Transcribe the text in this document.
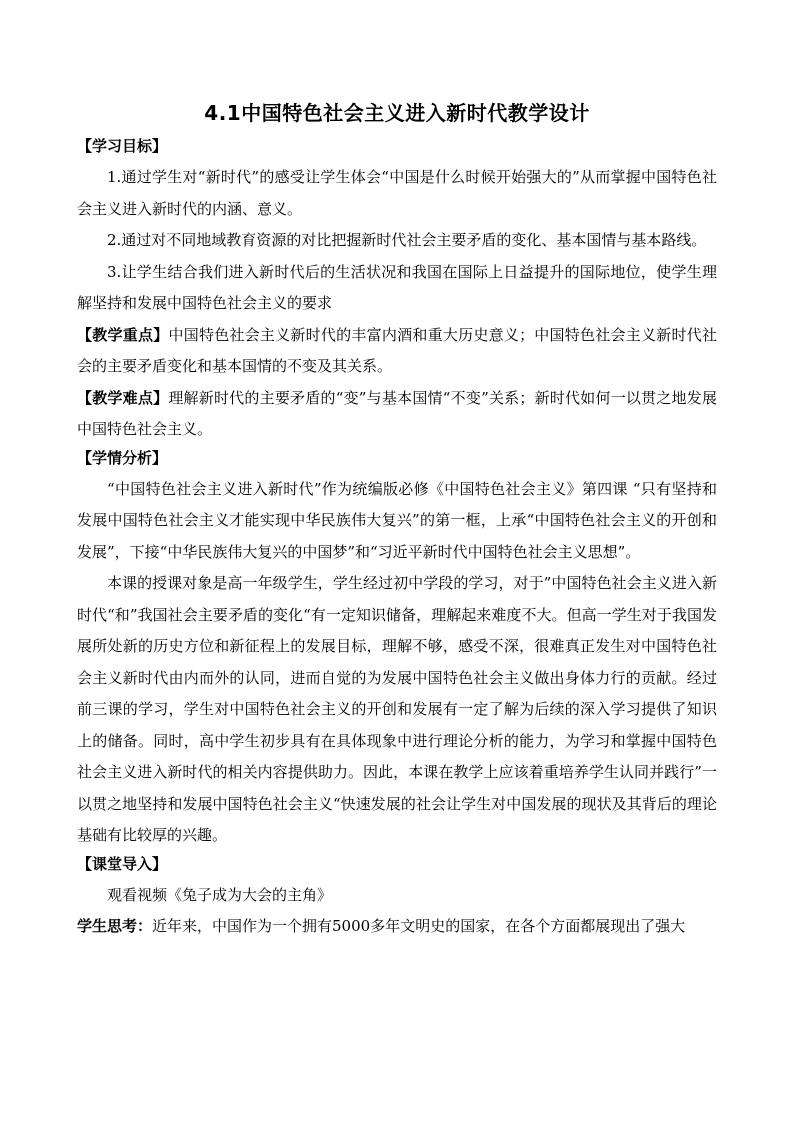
4.1中国特色社会主义进入新时代教学设计
【学习目标】

1.通过学生对“新时代”的感受让学生体会“中国是什么时候开始强大的”从而掌握中国特色社会主义进入新时代的内涵、意义。

2.通过对不同地域教育资源的对比把握新时代社会主要矛盾的变化、基本国情与基本路线。

3.让学生结合我们进入新时代后的生活状况和我国在国际上日益提升的国际地位，使学生理解坚持和发展中国特色社会主义的要求

【教学重点】中国特色社会主义新时代的丰富内酒和重大历史意义；中国特色社会主义新时代社会的主要矛盾变化和基本国情的不变及其关系。

【教学难点】理解新时代的主要矛盾的“变”与基本国情“不变”关系；新时代如何一以贯之地发展中国特色社会主义。

【学情分析】

“中国特色社会主义进入新时代”作为统编版必修《中国特色社会主义》第四课 “只有坚持和发展中国特色社会主义才能实现中华民族伟大复兴”的第一框，上承“中国特色社会主义的开创和发展”，下接“中华民族伟大复兴的中国梦”和“习近平新时代中国特色社会主义思想”。

本课的授课对象是高一年级学生，学生经过初中学段的学习，对于”中国特色社会主义进入新时代“和”我国社会主要矛盾的变化“有一定知识储备，理解起来难度不大。但高一学生对于我国发展所处新的历史方位和新征程上的发展目标，理解不够，感受不深，很难真正发生对中国特色社会主义新时代由内而外的认同，进而自觉的为发展中国特色社会主义做出身体力行的贡献。经过前三课的学习，学生对中国特色社会主义的开创和发展有一定了解为后续的深入学习提供了知识上的储备。同时，高中学生初步具有在具体现象中进行理论分析的能力，为学习和掌握中国特色社会主义进入新时代的相关内容提供助力。因此，本课在教学上应该着重培养学生认同并践行”一以贯之地坚持和发展中国特色社会主义“快速发展的社会让学生对中国发展的现状及其背后的理论基础有比较厚的兴趣。

【课堂导入】

观看视频《兔子成为大会的主角》

学生思考：近年来，中国作为一个拥有5000多年文明史的国家，在各个方面都展现出了强大
